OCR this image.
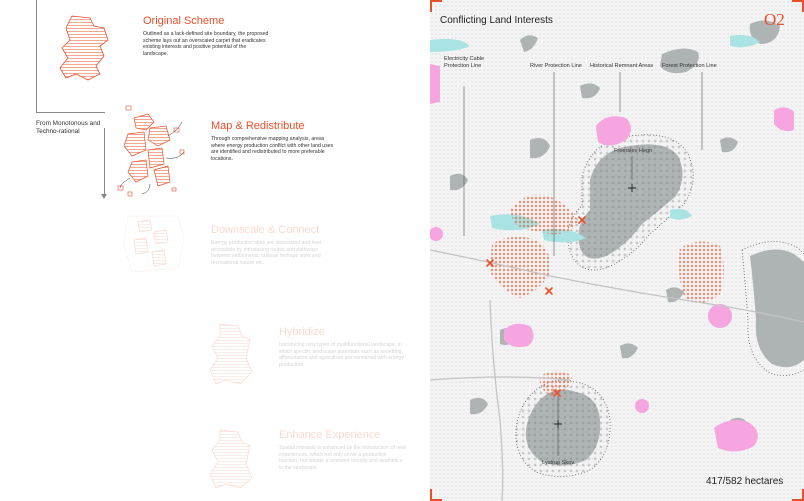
From Monotonous and Techno-rational
Original Scheme
Outlined as a lack-defined site boundary, the proposed scheme lays out an overscaled carpet that eradicates existing interests and positive potential of the landscape.
Map & Redistribute
Through comprehensive mapping analysis, areas where energy production conflict with other land uses are identified and redistributed to more preferable locations.
Downscale & Connect
Energy production sites are downsized and kept accessible by introducing routes and pathways between settlements, cultural heritage sites and recreational nature etc.
Hybridize
Introducing new types of multifunctional landscape, in which specific landscape potentials such as rewetting, afforestation and agriculture are combined with energy production.
Enhance Experience
Spatial interests is enhanced by the introduction of new experiences, which not only serve a productive function, but situate a renewed identity and aesthetics in the landscape.
Conflicting Land Interests	O2
Electricity Cable Protection Line	River Protection Line Historical Remnant Areas Forest Protection Line
Freerslev Hegn
Lystrup Skov
417/582 hectares
